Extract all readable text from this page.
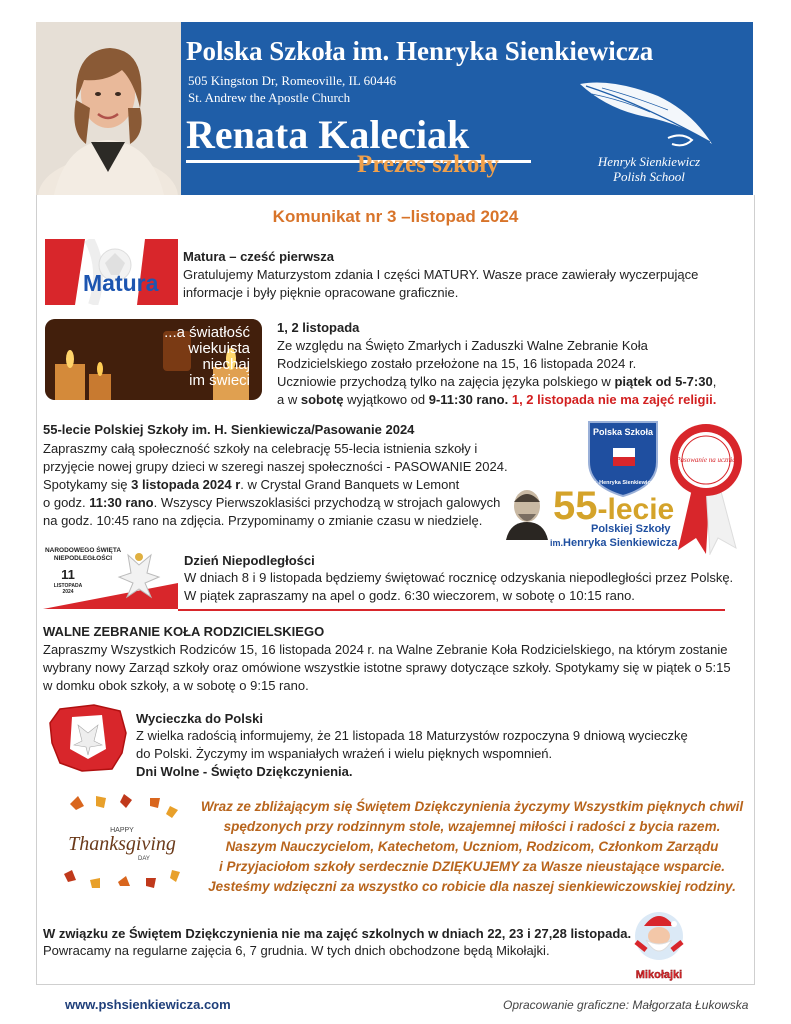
Polska Szkoła im. Henryka Sienkiewicza
505 Kingston Dr, Romeoville, IL 60446
St. Andrew the Apostle Church
Renata Kaleciak
Prezes szkoły	Henryk Sienkiewicz
Polish School
Komunikat nr 3 –listopad 2024
Matura
Matura – cześć pierwsza
Gratulujemy Maturzystom zdania I części MATURY. Wasze prace zawierały wyczerpujące informacje i były pięknie opracowane graficznie.
...a światłość
wiekuista
niechaj
im świeci
1, 2 listopada
Ze względu na Święto Zmarłych i Zaduszki Walne Zebranie Koła Rodzicielskiego zostało przełożone na 15, 16 listopada 2024 r.
Uczniowie przychodzą tylko na zajęcia języka polskiego w piątek od 5-7:30,
a w sobotę wyjątkowo od 9-11:30 rano. 1, 2 listopada nie ma zajęć religii.
55-lecie Polskiej Szkoły im. H. Sienkiewicza/Pasowanie 2024
Zapraszmy całą społeczność szkoły na celebrację 55-lecia istnienia szkoły i przyjęcie nowej grupy dzieci w szeregi naszej społeczności - PASOWANIE 2024.
Spotykamy się 3 listopada 2024 r. w Crystal Grand Banquets w Lemont
o godz. 11:30 rano. Wszyscy Pierwszoklasiści przychodzą w strojach galowych na godz. 10:45 rano na zdjęcia. Przypominamy o zmianie czasu w niedzielę.
Polska Szkoła
im. Henryka Sienkiewicza
Pasowanie na ucznia
55-lecie
Polskiej Szkoły
im.Henryka Sienkiewicza
NARODOWEGO ŚWIĘTA
NIEPODLEGŁOŚCI
11
LISTOPADA
2024
Dzień Niepodległości
W dniach 8 i 9 listopada będziemy świętować rocznicę odzyskania niepodległości przez Polskę.
W piątek zapraszamy na apel o godz. 6:30 wieczorem, w sobotę o 10:15 rano.
WALNE ZEBRANIE KOŁA RODZICIELSKIEGO
Zapraszmy Wszystkich Rodziców 15, 16 listopada 2024 r. na Walne Zebranie Koła Rodzicielskiego, na którym zostanie wybrany nowy Zarząd szkoły oraz omówione wszystkie istotne sprawy dotyczące szkoły. Spotykamy się w piątek o 5:15 w domku obok szkoły, a w sobotę o 9:15 rano.
Wycieczka do Polski
Z wielka radością informujemy, że 21 listopada 18 Maturzystów rozpoczyna 9 dniową wycieczkę
do Polski. Życzymy im wspaniałych wrażeń i wielu pięknych wspomnień.
Dni Wolne - Święto Dziękczynienia.
HAPPY
Thanksgiving
DAY
Wraz ze zbliżającym się Świętem Dziękczynienia życzymy Wszystkim pięknych chwil
spędzonych przy rodzinnym stole, wzajemnej miłości i radości z bycia razem.
Naszym Nauczycielom, Katechetom, Uczniom, Rodzicom, Członkom Zarządu
i Przyjaciołom szkoły serdecznie DZIĘKUJEMY za Wasze nieustające wsparcie.
Jesteśmy wdzięczni za wszystko co robicie dla naszej sienkiewiczowskiej rodziny.
W związku ze Świętem Dziękczynienia nie ma zajęć szkolnych w dniach 22, 23 i 27,28 listopada.
Powracamy na regularne zajęcia 6, 7 grudnia. W tych dnich obchodzone będą Mikołajki.
Mikołajki
www.pshsienkiewicza.com	Opracowanie graficzne: Małgorzata Łukowska
